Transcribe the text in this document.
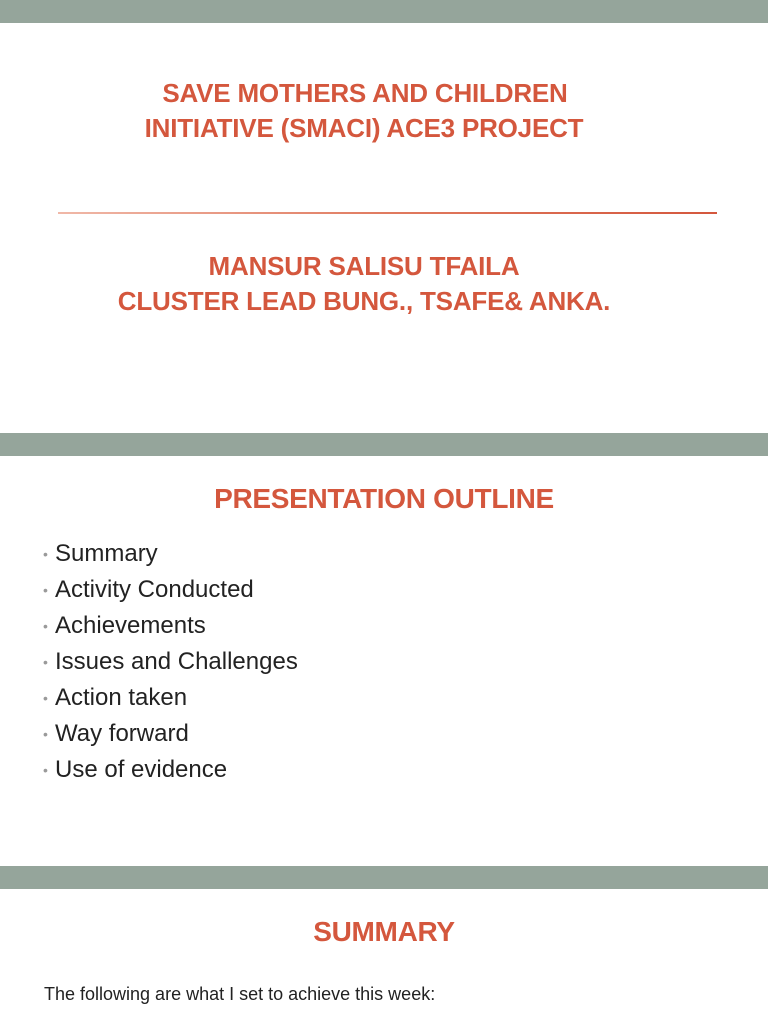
SAVE MOTHERS AND CHILDREN
INITIATIVE (SMACI) ACE3 PROJECT
MANSUR SALISU TFAILA
CLUSTER LEAD BUNG., TSAFE& ANKA.
PRESENTATION OUTLINE
• Summary
• Activity Conducted
• Achievements
• Issues and Challenges
• Action taken
• Way forward
• Use of evidence
SUMMARY
The following are what I set to achieve this week:
